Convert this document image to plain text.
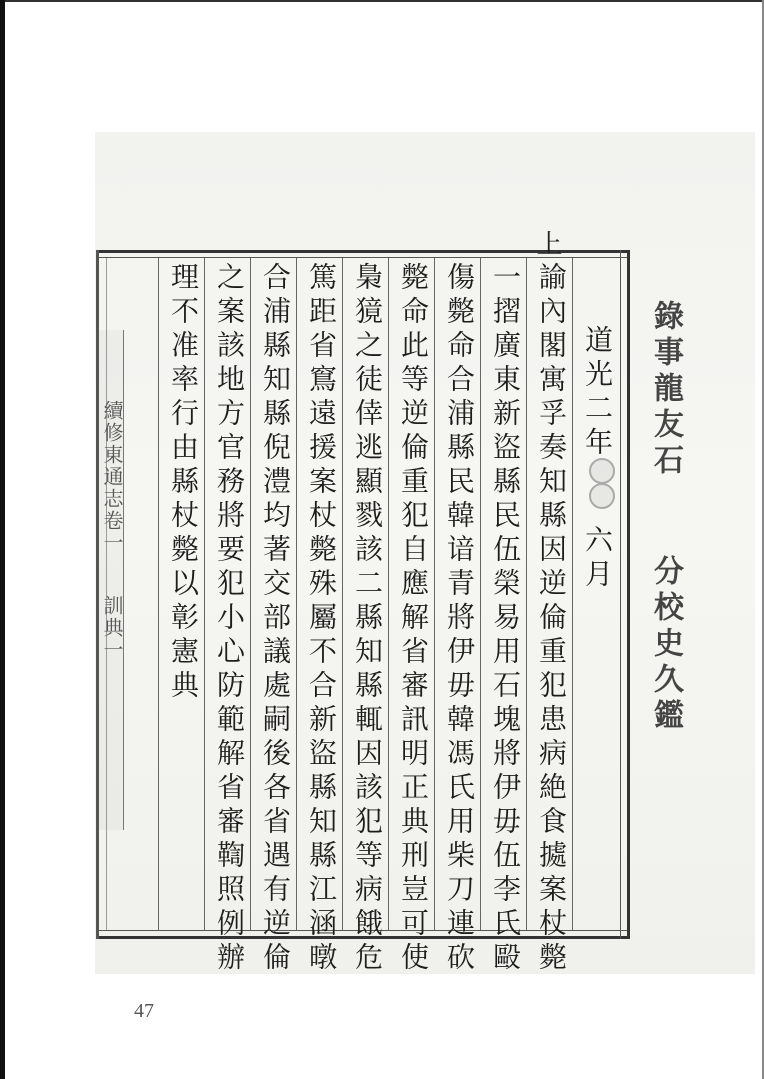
上
道光二年
六月
諭內閣寓孚奏知縣因逆倫重犯患病絶食㨿案杖斃
一摺廣東新盜縣民伍榮易用石塊將伊毋伍李氏毆
傷斃命合浦縣民韓谙青將伊毋韓馮氏用柴刀連砍
斃命此等逆倫重犯自應解省審訊明正典刑豈可使
梟獍之徒倖逃顯戮該二縣知縣輒因該犯等病餓危
篤距省窵遠援案杖斃殊屬不合新盜縣知縣江涵暾
合浦縣知縣倪澧均著交部議處嗣後各省遇有逆倫
之案該地方官務將要犯小心防範解省審鞫照例辦
理不准率行由縣杖斃以彰憲典	錄事龍友石
分校史久鑑
續修東通志卷一
訓典一
47
